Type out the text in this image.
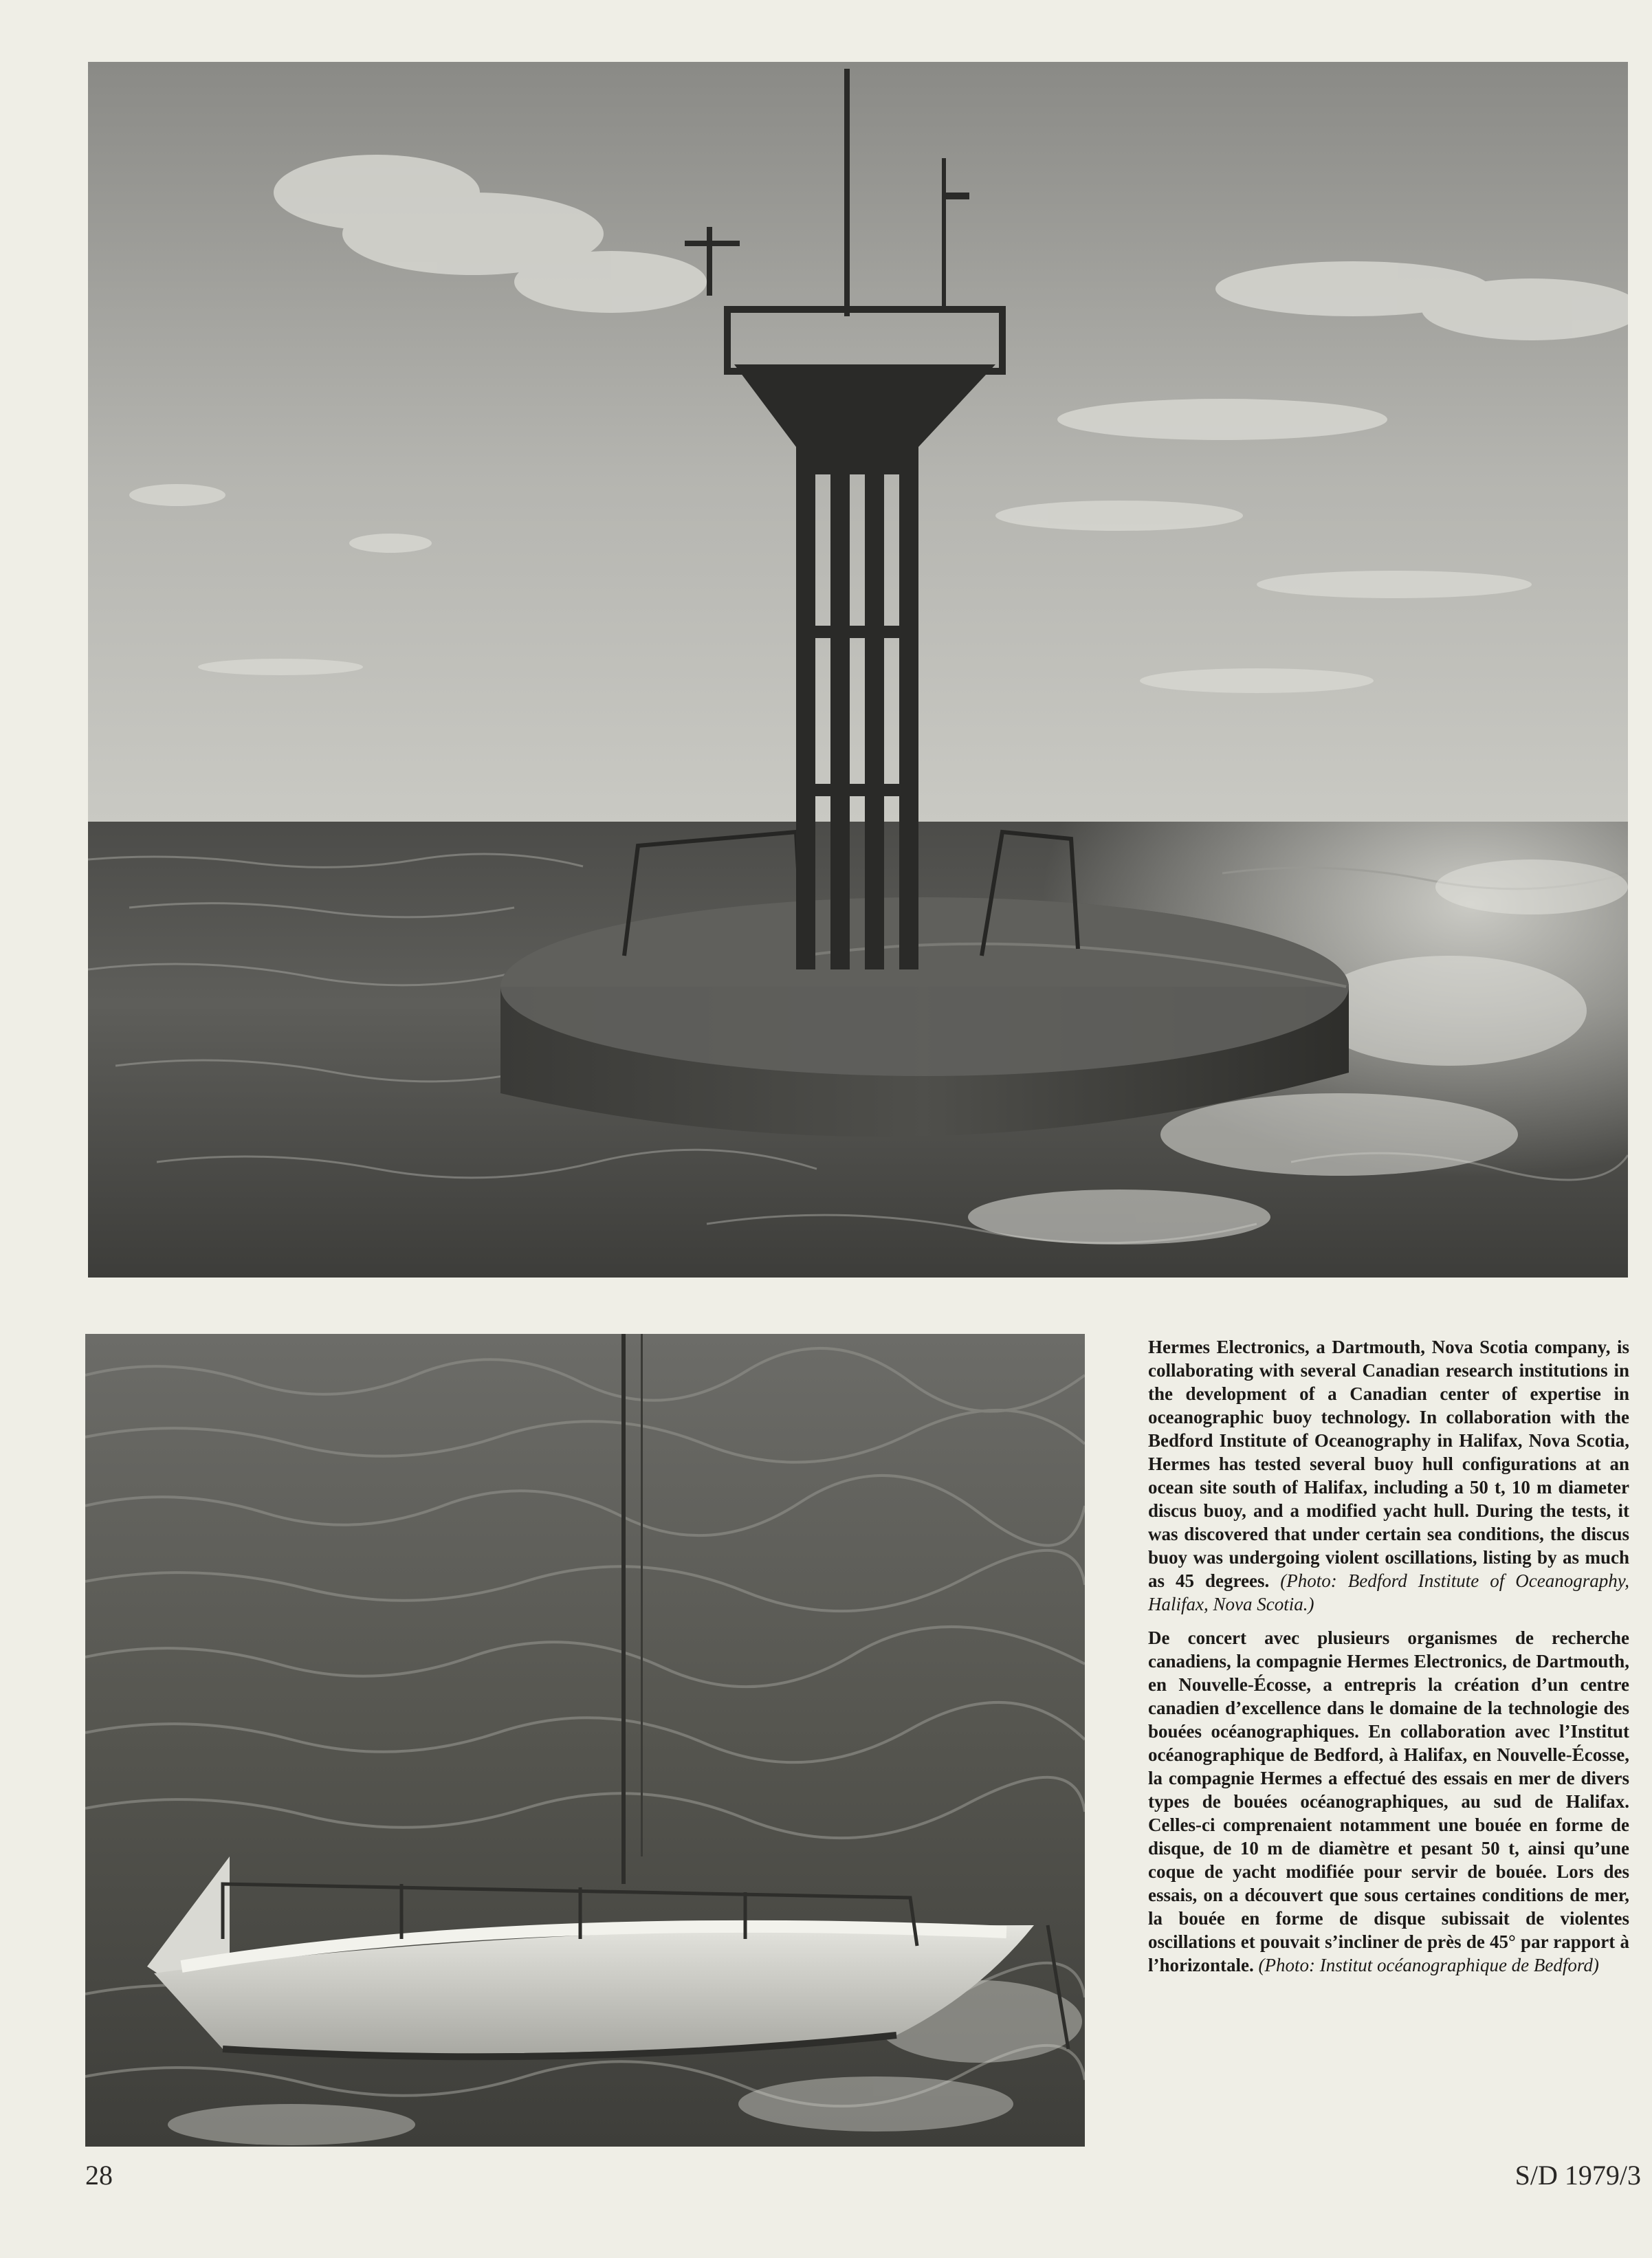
Hermes Electronics, a Dartmouth, Nova Scotia company, is collaborating with several Canadian research institutions in the development of a Canadian center of expertise in oceanographic buoy technology. In collaboration with the Bedford Institute of Oceanography in Halifax, Nova Scotia, Hermes has tested several buoy hull configurations at an ocean site south of Halifax, including a 50 t, 10 m diameter discus buoy, and a modified yacht hull. During the tests, it was discovered that under certain sea conditions, the discus buoy was undergoing violent oscillations, listing by as much as 45 degrees. (Photo: Bedford Institute of Oceanography, Halifax, Nova Scotia.)

De concert avec plusieurs organismes de recherche canadiens, la compagnie Hermes Electronics, de Dartmouth, en Nouvelle-Écosse, a entrepris la création d’un centre canadien d’excellence dans le domaine de la technologie des bouées océanographiques. En collaboration avec l’Institut océanographique de Bedford, à Halifax, en Nouvelle-Écosse, la compagnie Hermes a effectué des essais en mer de divers types de bouées océanographiques, au sud de Halifax. Celles-ci comprenaient notamment une bouée en forme de disque, de 10 m de diamètre et pesant 50 t, ainsi qu’une coque de yacht modifiée pour servir de bouée. Lors des essais, on a découvert que sous certaines conditions de mer, la bouée en forme de disque subissait de violentes oscillations et pouvait s’incliner de près de 45° par rapport à l’horizontale. (Photo: Institut océanographique de Bedford)

28	S/D 1979/3
